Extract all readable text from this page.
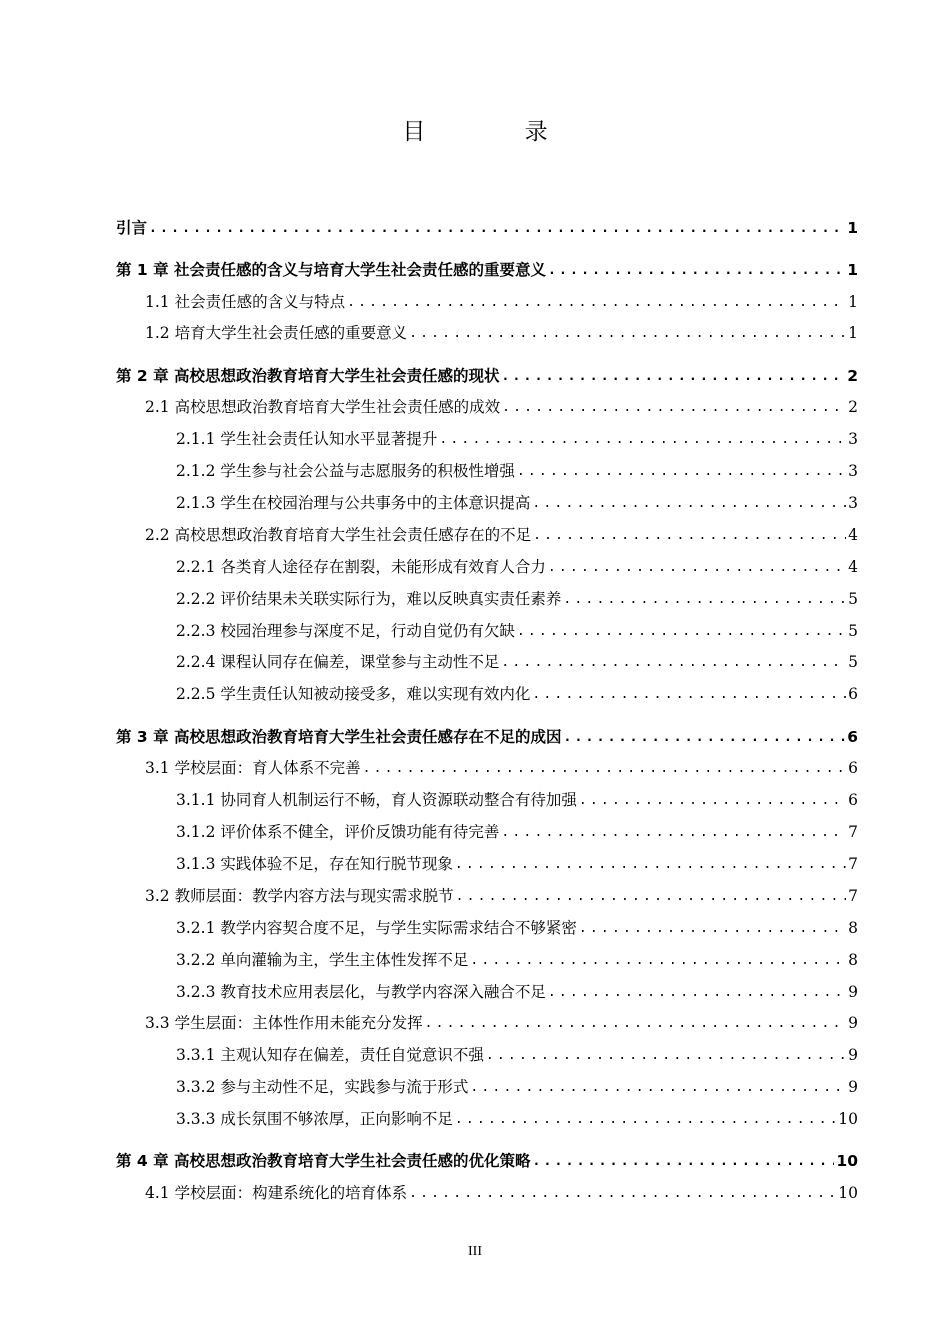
目 录
引言 .....	1
第 1 章 社会责任感的含义与培育大学生社会责任感的重要意义 .....	1
1.1 社会责任感的含义与特点 .....	1
1.2 培育大学生社会责任感的重要意义 .....	1
第 2 章 高校思想政治教育培育大学生社会责任感的现状 .....	2
2.1 高校思想政治教育培育大学生社会责任感的成效 .....	2
2.1.1 学生社会责任认知水平显著提升 .....	3
2.1.2 学生参与社会公益与志愿服务的积极性增强 .....	3
2.1.3 学生在校园治理与公共事务中的主体意识提高 .....	3
2.2 高校思想政治教育培育大学生社会责任感存在的不足 .....	4
2.2.1 各类育人途径存在割裂，未能形成有效育人合力 .....	4
2.2.2 评价结果未关联实际行为，难以反映真实责任素养 .....	5
2.2.3 校园治理参与深度不足，行动自觉仍有欠缺 .....	5
2.2.4 课程认同存在偏差，课堂参与主动性不足 .....	5
2.2.5 学生责任认知被动接受多，难以实现有效内化 .....	6
第 3 章 高校思想政治教育培育大学生社会责任感存在不足的成因 .....	6
3.1 学校层面：育人体系不完善 .....	6
3.1.1 协同育人机制运行不畅，育人资源联动整合有待加强 .....	6
3.1.2 评价体系不健全，评价反馈功能有待完善 .....	7
3.1.3 实践体验不足，存在知行脱节现象 .....	7
3.2 教师层面：教学内容方法与现实需求脱节 .....	7
3.2.1 教学内容契合度不足，与学生实际需求结合不够紧密 .....	8
3.2.2 单向灌输为主，学生主体性发挥不足 .....	8
3.2.3 教育技术应用表层化，与教学内容深入融合不足 .....	9
3.3 学生层面：主体性作用未能充分发挥 .....	9
3.3.1 主观认知存在偏差，责任自觉意识不强 .....	9
3.3.2 参与主动性不足，实践参与流于形式 .....	9
3.3.3 成长氛围不够浓厚，正向影响不足 .....	10
第 4 章 高校思想政治教育培育大学生社会责任感的优化策略 .....	10
4.1 学校层面：构建系统化的培育体系 .....	10
III
